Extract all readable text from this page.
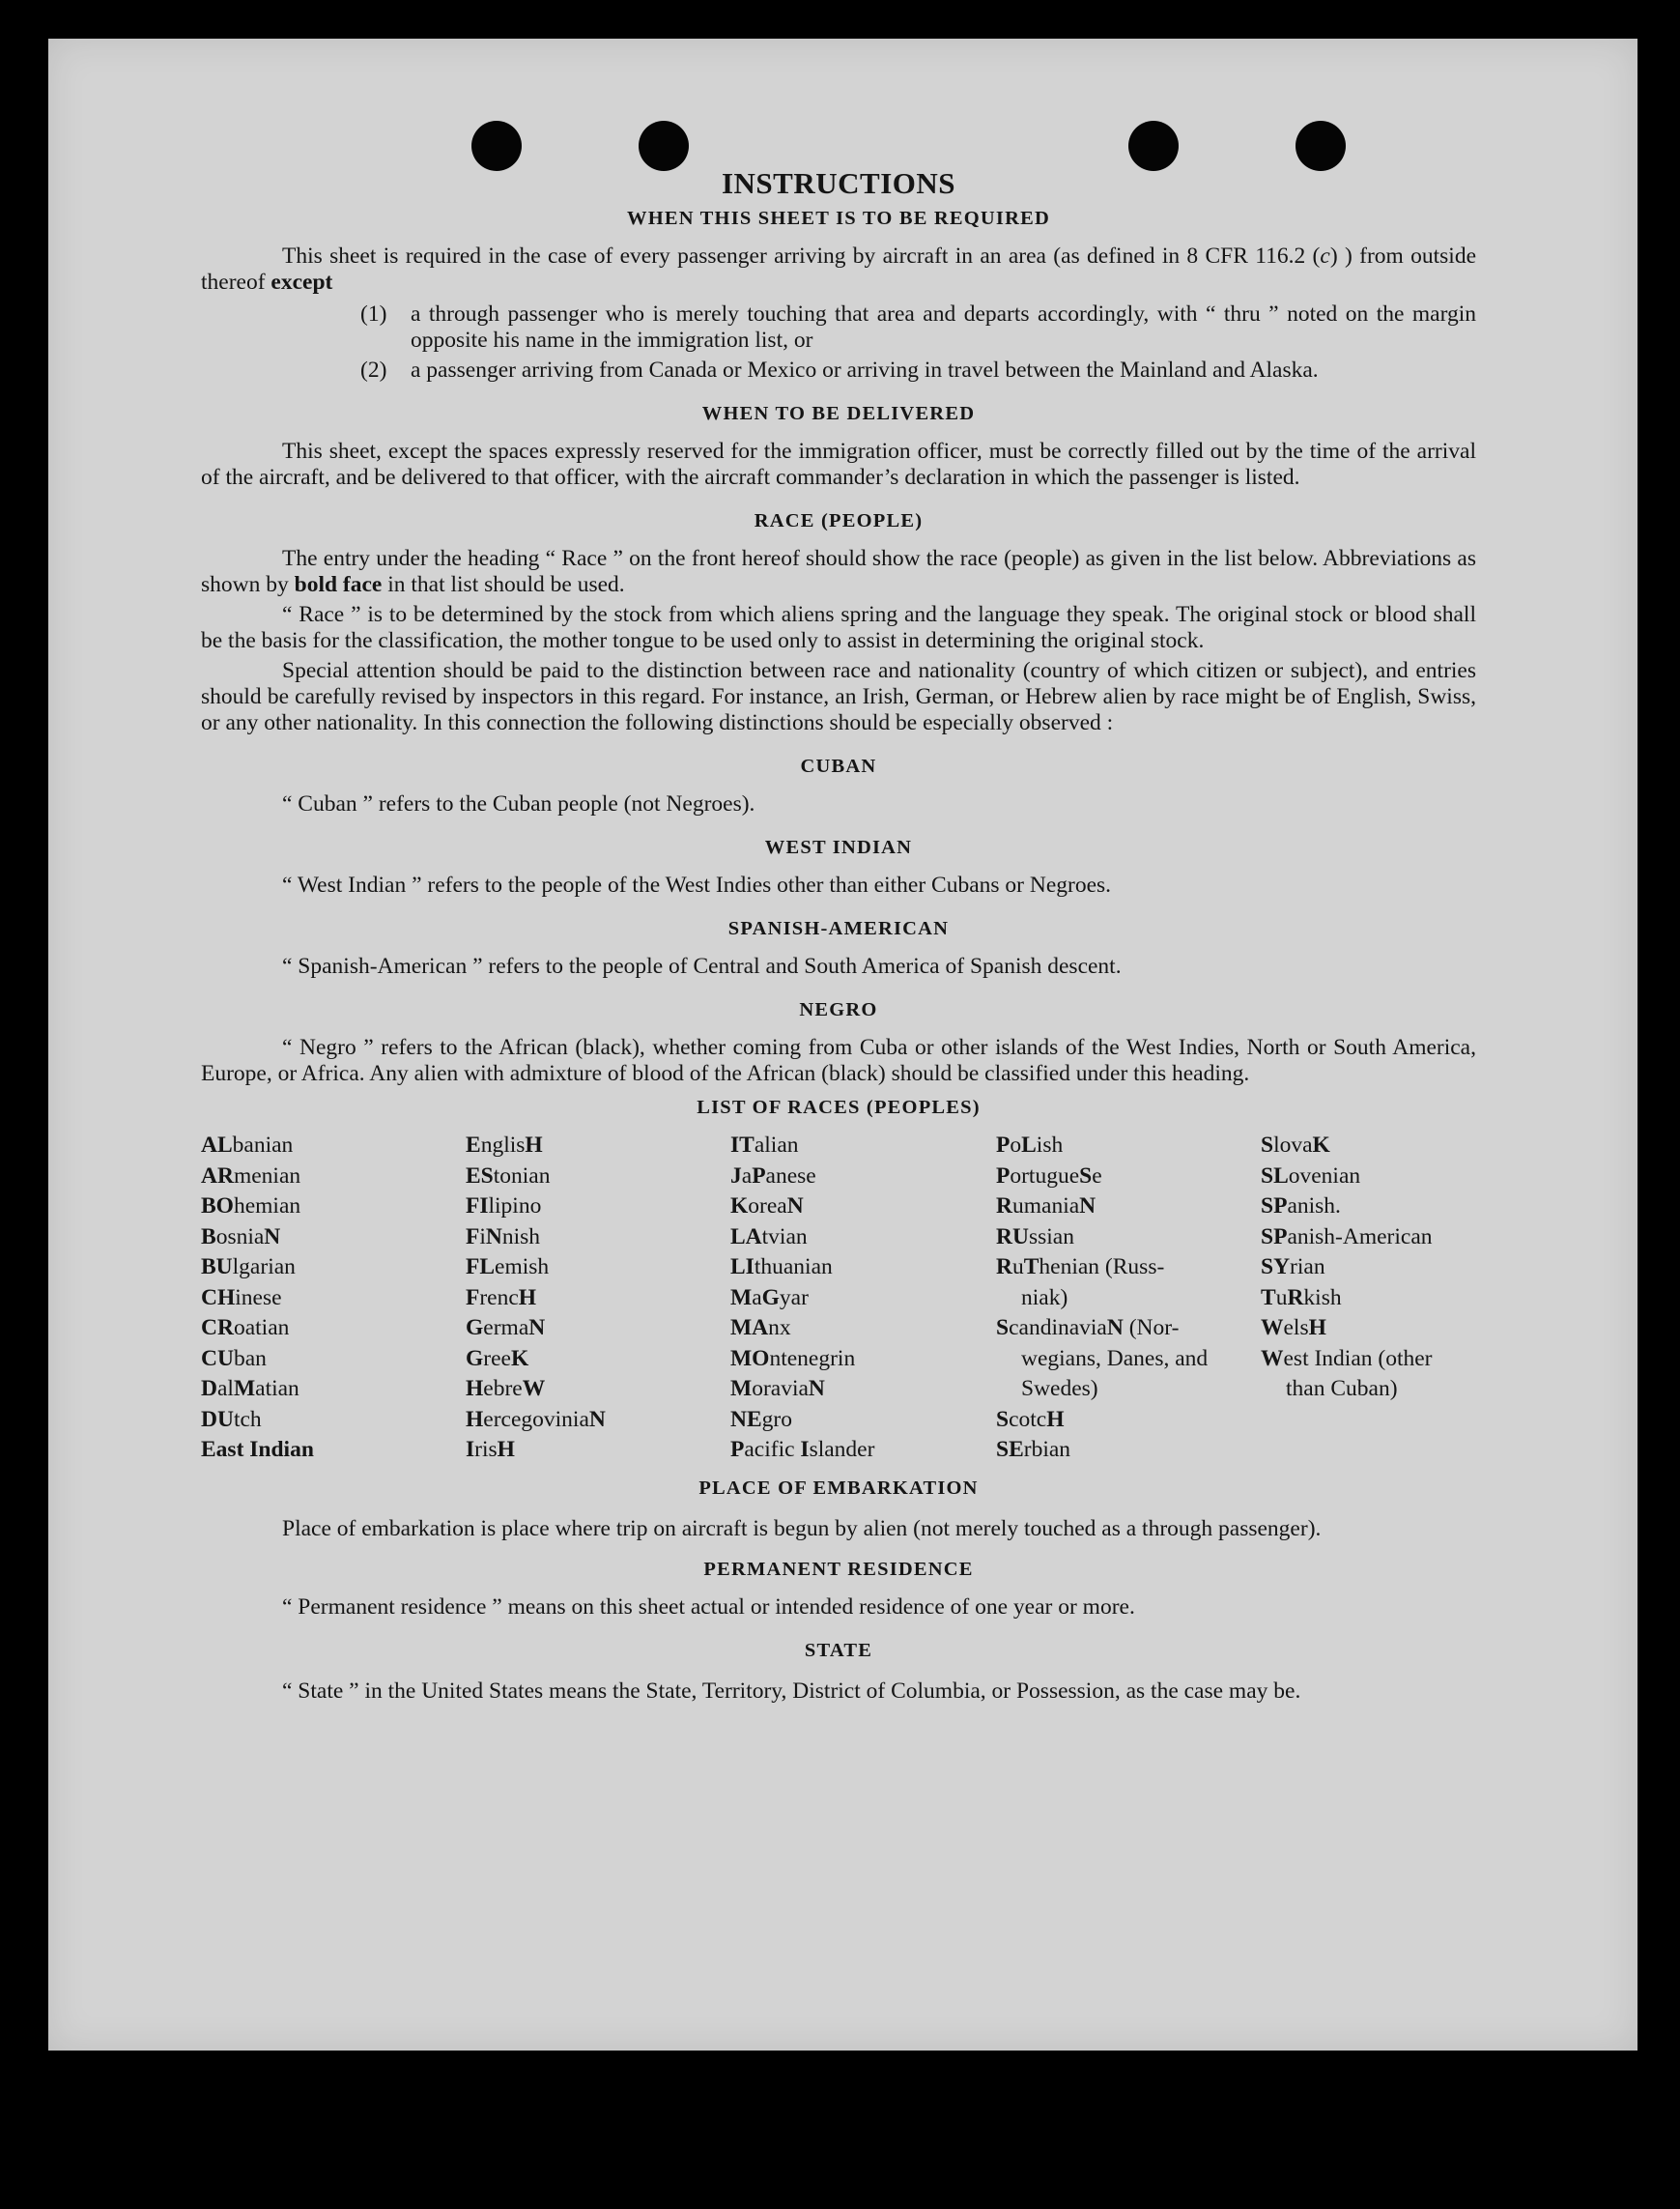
INSTRUCTIONS
WHEN THIS SHEET IS TO BE REQUIRED

This sheet is required in the case of every passenger arriving by aircraft in an area (as defined in 8 CFR 116.2 (c) ) from outside thereof except

(1)	a through passenger who is merely touching that area and departs accordingly, with “ thru ” noted on the margin opposite his name in the immigration list, or
(2)	a passenger arriving from Canada or Mexico or arriving in travel between the Mainland and Alaska.
WHEN TO BE DELIVERED

This sheet, except the spaces expressly reserved for the immigration officer, must be correctly filled out by the time of the arrival of the aircraft, and be delivered to that officer, with the aircraft commander’s declaration in which the passenger is listed.

RACE (PEOPLE)

The entry under the heading “ Race ” on the front hereof should show the race (people) as given in the list below. Abbreviations as shown by bold face in that list should be used.

“ Race ” is to be determined by the stock from which aliens spring and the language they speak. The original stock or blood shall be the basis for the classification, the mother tongue to be used only to assist in determining the original stock.

Special attention should be paid to the distinction between race and nationality (country of which citizen or subject), and entries should be carefully revised by inspectors in this regard. For instance, an Irish, German, or Hebrew alien by race might be of English, Swiss, or any other nationality. In this connection the following distinctions should be especially observed :

CUBAN

“ Cuban ” refers to the Cuban people (not Negroes).

WEST INDIAN

“ West Indian ” refers to the people of the West Indies other than either Cubans or Negroes.

SPANISH-AMERICAN

“ Spanish-American ” refers to the people of Central and South America of Spanish descent.

NEGRO

“ Negro ” refers to the African (black), whether coming from Cuba or other islands of the West Indies, North or South America, Europe, or Africa. Any alien with admixture of blood of the African (black) should be classified under this heading.

LIST OF RACES (PEOPLES)
ALbanian
ARmenian
BOhemian
BosniaN
BUlgarian
CHinese
CRoatian
CUban
DalMatian
DUtch
East Indian
EnglisH
EStonian
FIlipino
FiNnish
FLemish
FrencH
GermaN
GreeK
HebreW
HercegoviniaN
IrisH
ITalian
JaPanese
KoreaN
LAtvian
LIthuanian
MaGyar
MAnx
MOntenegrin
MoraviaN
NEgro
Pacific Islander
PoLish
PortugueSe
RumaniaN
RUssian
RuThenian (Russ-
niak)
ScandinaviaN (Nor-
wegians, Danes, and Swedes)
ScotcH
SErbian
SlovaK
SLovenian
SPanish.
SPanish-American
SYrian
TuRkish
WelsH
West Indian (other
than Cuban)
PLACE OF EMBARKATION

Place of embarkation is place where trip on aircraft is begun by alien (not merely touched as a through passenger).

PERMANENT RESIDENCE

“ Permanent residence ” means on this sheet actual or intended residence of one year or more.

STATE

“ State ” in the United States means the State, Territory, District of Columbia, or Possession, as the case may be.
